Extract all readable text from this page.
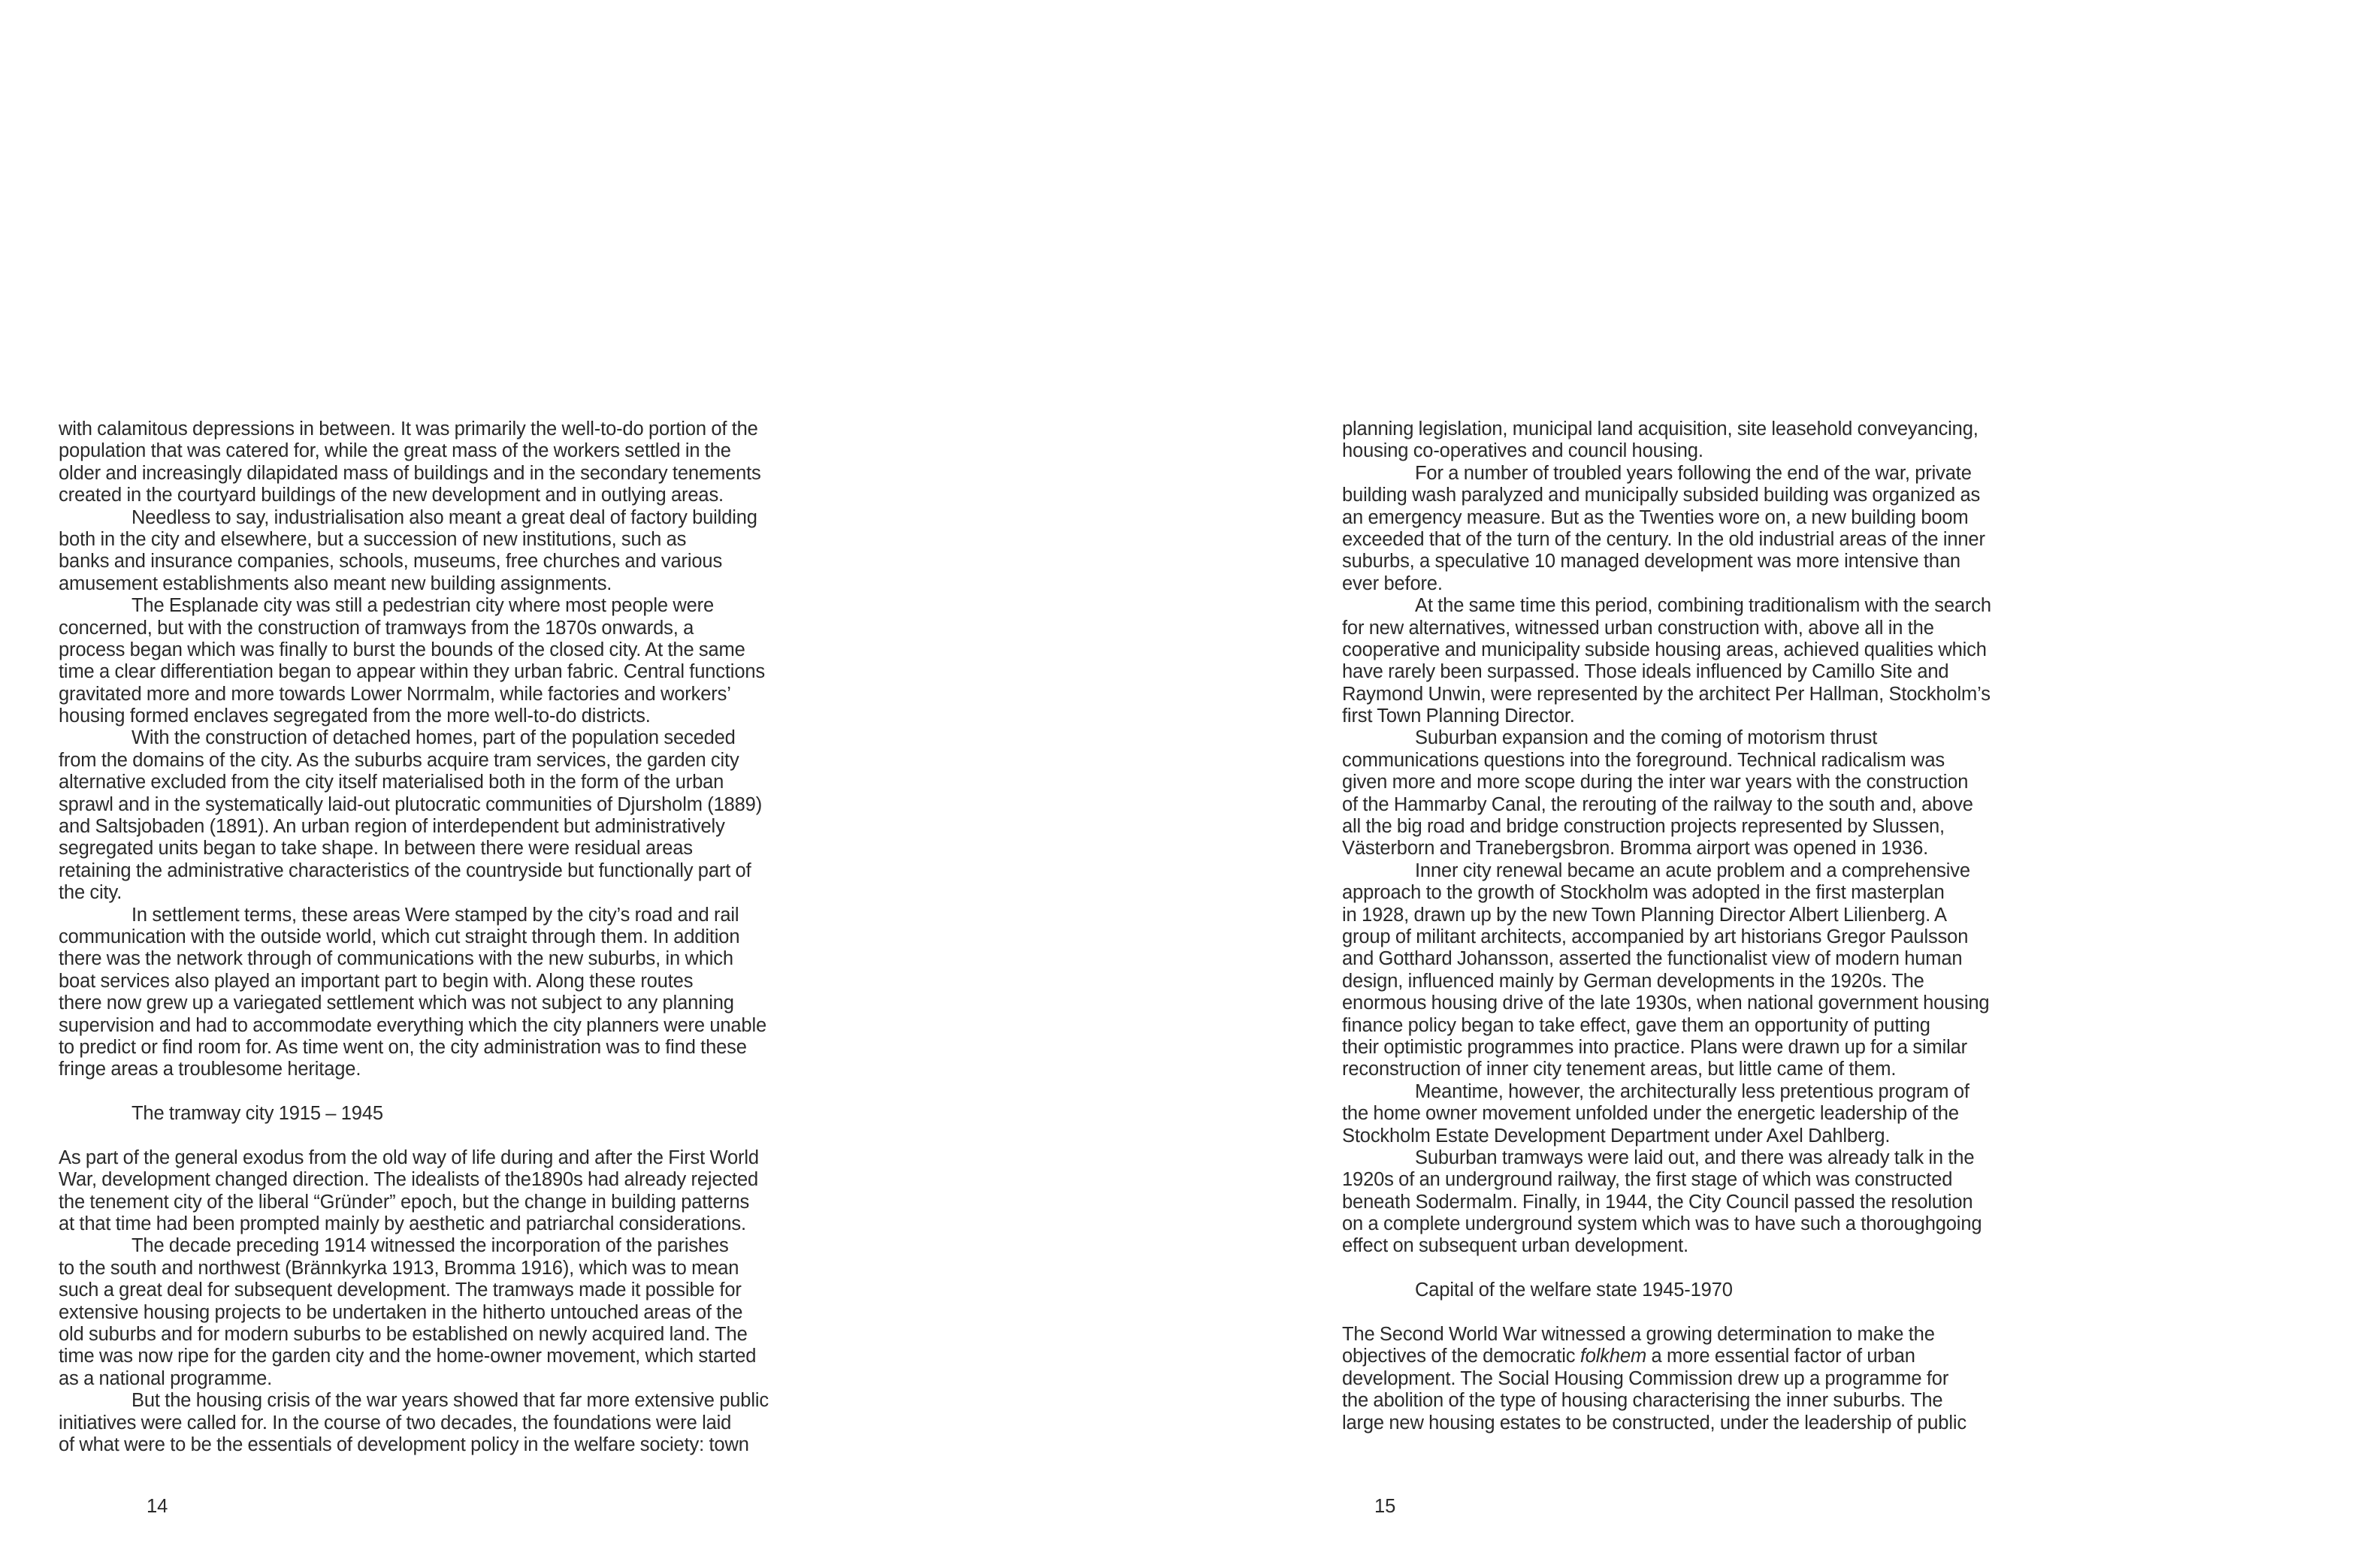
with calamitous depressions in between. It was primarily the well-to-do portion of the
population that was catered for, while the great mass of the workers settled in the
older and increasingly dilapidated mass of buildings and in the secondary tenements
created in the courtyard buildings of the new development and in outlying areas.
Needless to say, industrialisation also meant a great deal of factory building
both in the city and elsewhere, but a succession of new institutions, such as
banks and insurance companies, schools, museums, free churches and various
amusement establishments also meant new building assignments.
The Esplanade city was still a pedestrian city where most people were
concerned, but with the construction of tramways from the 1870s onwards, a
process began which was finally to burst the bounds of the closed city. At the same
time a clear differentiation began to appear within they urban fabric. Central functions
gravitated more and more towards Lower Norrmalm, while factories and workers’
housing formed enclaves segregated from the more well-to-do districts.
With the construction of detached homes, part of the population seceded
from the domains of the city. As the suburbs acquire tram services, the garden city
alternative excluded from the city itself materialised both in the form of the urban
sprawl and in the systematically laid-out plutocratic communities of Djursholm (1889)
and Saltsjobaden (1891). An urban region of interdependent but administratively
segregated units began to take shape. In between there were residual areas
retaining the administrative characteristics of the countryside but functionally part of
the city.
In settlement terms, these areas Were stamped by the city’s road and rail
communication with the outside world, which cut straight through them. In addition
there was the network through of communications with the new suburbs, in which
boat services also played an important part to begin with. Along these routes
there now grew up a variegated settlement which was not subject to any planning
supervision and had to accommodate everything which the city planners were unable
to predict or find room for. As time went on, the city administration was to find these
fringe areas a troublesome heritage.
The tramway city 1915 – 1945
As part of the general exodus from the old way of life during and after the First World
War, development changed direction. The idealists of the1890s had already rejected
the tenement city of the liberal “Gründer” epoch, but the change in building patterns
at that time had been prompted mainly by aesthetic and patriarchal considerations.
The decade preceding 1914 witnessed the incorporation of the parishes
to the south and northwest (Brännkyrka 1913, Bromma 1916), which was to mean
such a great deal for subsequent development. The tramways made it possible for
extensive housing projects to be undertaken in the hitherto untouched areas of the
old suburbs and for modern suburbs to be established on newly acquired land. The
time was now ripe for the garden city and the home-owner movement, which started
as a national programme.
But the housing crisis of the war years showed that far more extensive public
initiatives were called for. In the course of two decades, the foundations were laid
of what were to be the essentials of development policy in the welfare society: town
14
planning legislation, municipal land acquisition, site leasehold conveyancing,
housing co-operatives and council housing.
For a number of troubled years following the end of the war, private
building wash paralyzed and municipally subsided building was organized as
an emergency measure. But as the Twenties wore on, a new building boom
exceeded that of the turn of the century. In the old industrial areas of the inner
suburbs, a speculative 10 managed development was more intensive than
ever before.
At the same time this period, combining traditionalism with the search
for new alternatives, witnessed urban construction with, above all in the
cooperative and municipality subside housing areas, achieved qualities which
have rarely been surpassed. Those ideals influenced by Camillo Site and
Raymond Unwin, were represented by the architect Per Hallman, Stockholm’s
first Town Planning Director.
Suburban expansion and the coming of motorism thrust
communications questions into the foreground. Technical radicalism was
given more and more scope during the inter war years with the construction
of the Hammarby Canal, the rerouting of the railway to the south and, above
all the big road and bridge construction projects represented by Slussen,
Västerborn and Tranebergsbron. Bromma airport was opened in 1936.
Inner city renewal became an acute problem and a comprehensive
approach to the growth of Stockholm was adopted in the first masterplan
in 1928, drawn up by the new Town Planning Director Albert Lilienberg. A
group of militant architects, accompanied by art historians Gregor Paulsson
and Gotthard Johansson, asserted the functionalist view of modern human
design, influenced mainly by German developments in the 1920s. The
enormous housing drive of the late 1930s, when national government housing
finance policy began to take effect, gave them an opportunity of putting
their optimistic programmes into practice. Plans were drawn up for a similar
reconstruction of inner city tenement areas, but little came of them.
Meantime, however, the architecturally less pretentious program of
the home owner movement unfolded under the energetic leadership of the
Stockholm Estate Development Department under Axel Dahlberg.
Suburban tramways were laid out, and there was already talk in the
1920s of an underground railway, the first stage of which was constructed
beneath Sodermalm. Finally, in 1944, the City Council passed the resolution
on a complete underground system which was to have such a thoroughgoing
effect on subsequent urban development.
Capital of the welfare state 1945-1970
The Second World War witnessed a growing determination to make the
objectives of the democratic folkhem a more essential factor of urban
development. The Social Housing Commission drew up a programme for
the abolition of the type of housing characterising the inner suburbs. The
large new housing estates to be constructed, under the leadership of public
15
